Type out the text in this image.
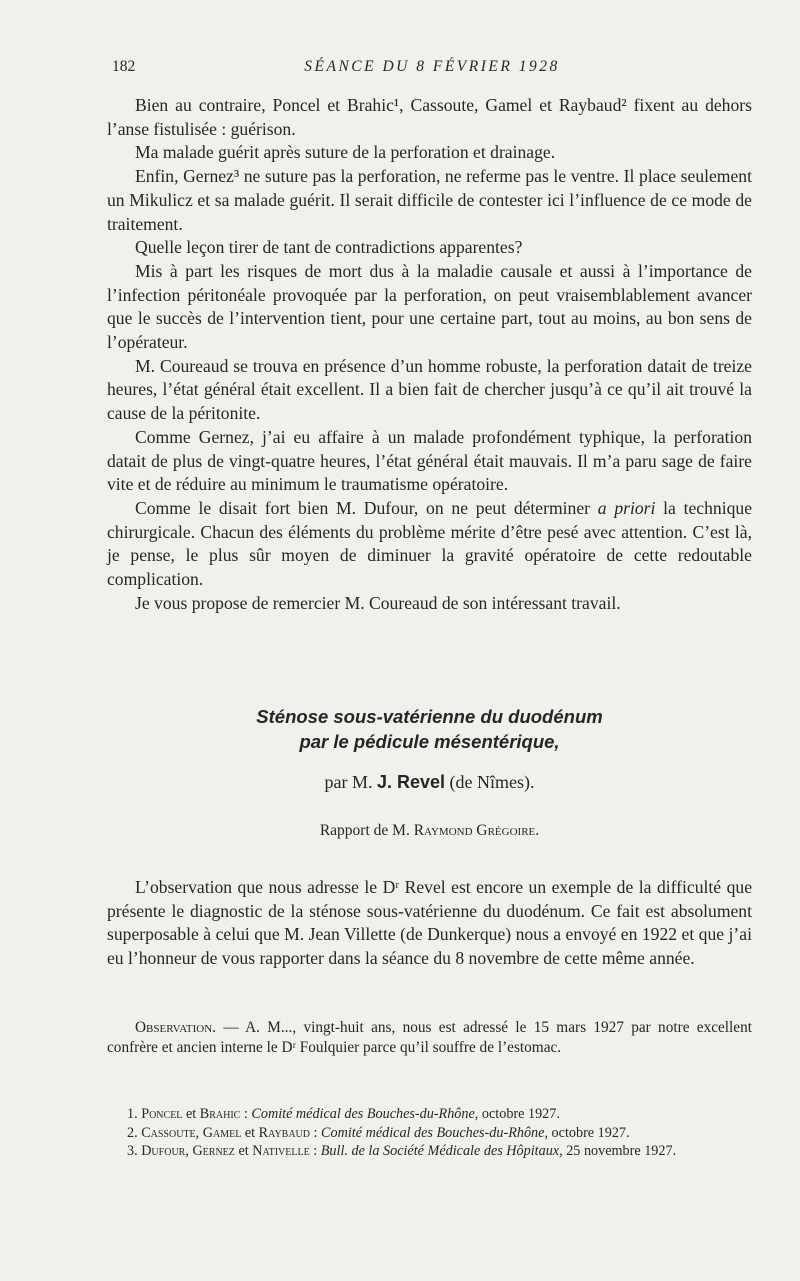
182	SÉANCE DU 8 FÉVRIER 1928

Bien au contraire, Poncel et Brahic¹, Cassoute, Gamel et Raybaud² fixent au dehors l’anse fistulisée : guérison.

Ma malade guérit après suture de la perforation et drainage.

Enfin, Gernez³ ne suture pas la perforation, ne referme pas le ventre. Il place seulement un Mikulicz et sa malade guérit. Il serait difficile de contester ici l’influence de ce mode de traitement.

Quelle leçon tirer de tant de contradictions apparentes?

Mis à part les risques de mort dus à la maladie causale et aussi à l’importance de l’infection péritonéale provoquée par la perforation, on peut vraisemblablement avancer que le succès de l’intervention tient, pour une certaine part, tout au moins, au bon sens de l’opérateur.

M. Coureaud se trouva en présence d’un homme robuste, la perforation datait de treize heures, l’état général était excellent. Il a bien fait de chercher jusqu’à ce qu’il ait trouvé la cause de la péritonite.

Comme Gernez, j’ai eu affaire à un malade profondément typhique, la perforation datait de plus de vingt-quatre heures, l’état général était mauvais. Il m’a paru sage de faire vite et de réduire au minimum le traumatisme opératoire.

Comme le disait fort bien M. Dufour, on ne peut déterminer a priori la technique chirurgicale. Chacun des éléments du problème mérite d’être pesé avec attention. C’est là, je pense, le plus sûr moyen de diminuer la gravité opératoire de cette redoutable complication.

Je vous propose de remercier M. Coureaud de son intéressant travail.

Sténose sous-vatérienne du duodénum
par le pédicule mésentérique,
par M. J. Revel (de Nîmes).
Rapport de M. Raymond Grégoire.

L’observation que nous adresse le Dʳ Revel est encore un exemple de la difficulté que présente le diagnostic de la sténose sous-vatérienne du duodénum. Ce fait est absolument superposable à celui que M. Jean Villette (de Dunkerque) nous a envoyé en 1922 et que j’ai eu l’honneur de vous rapporter dans la séance du 8 novembre de cette même année.

Observation. — A. M..., vingt-huit ans, nous est adressé le 15 mars 1927 par notre excellent confrère et ancien interne le Dʳ Foulquier parce qu’il souffre de l’estomac.

1. Poncel et Brahic : Comité médical des Bouches-du-Rhône, octobre 1927.

2. Cassoute, Gamel et Raybaud : Comité médical des Bouches-du-Rhône, octobre 1927.

3. Dufour, Gernez et Nativelle : Bull. de la Société Médicale des Hôpitaux, 25 novembre 1927.
